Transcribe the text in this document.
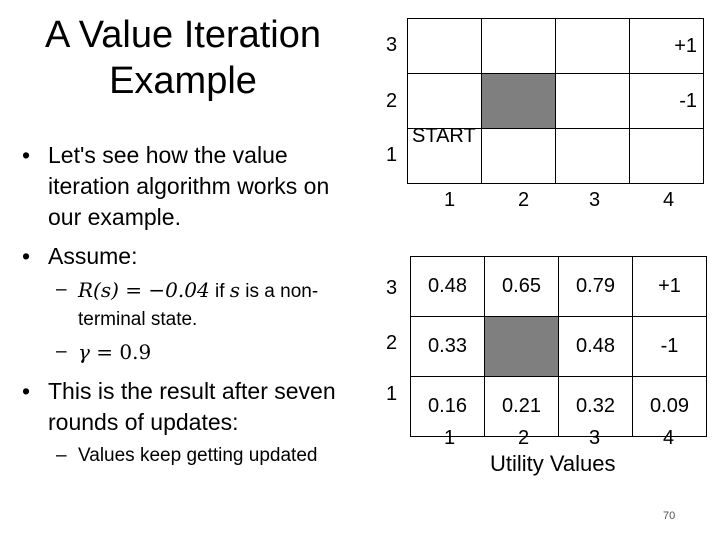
A Value Iteration
Example
• Let's see how the value iteration algorithm works on our example.
• Assume:
– R(s) = −0.04 if s is a non-terminal state.
– γ = 0.9
• This is the result after seven rounds of updates:
– Values keep getting updated
3
2
1

			+1

			-1

START			

1	2	3	4
3
2
1
0.48	0.65	0.79	+1
0.33		0.48	-1
0.16	0.21	0.32	0.09
1	2	3	4
Utility Values
70
